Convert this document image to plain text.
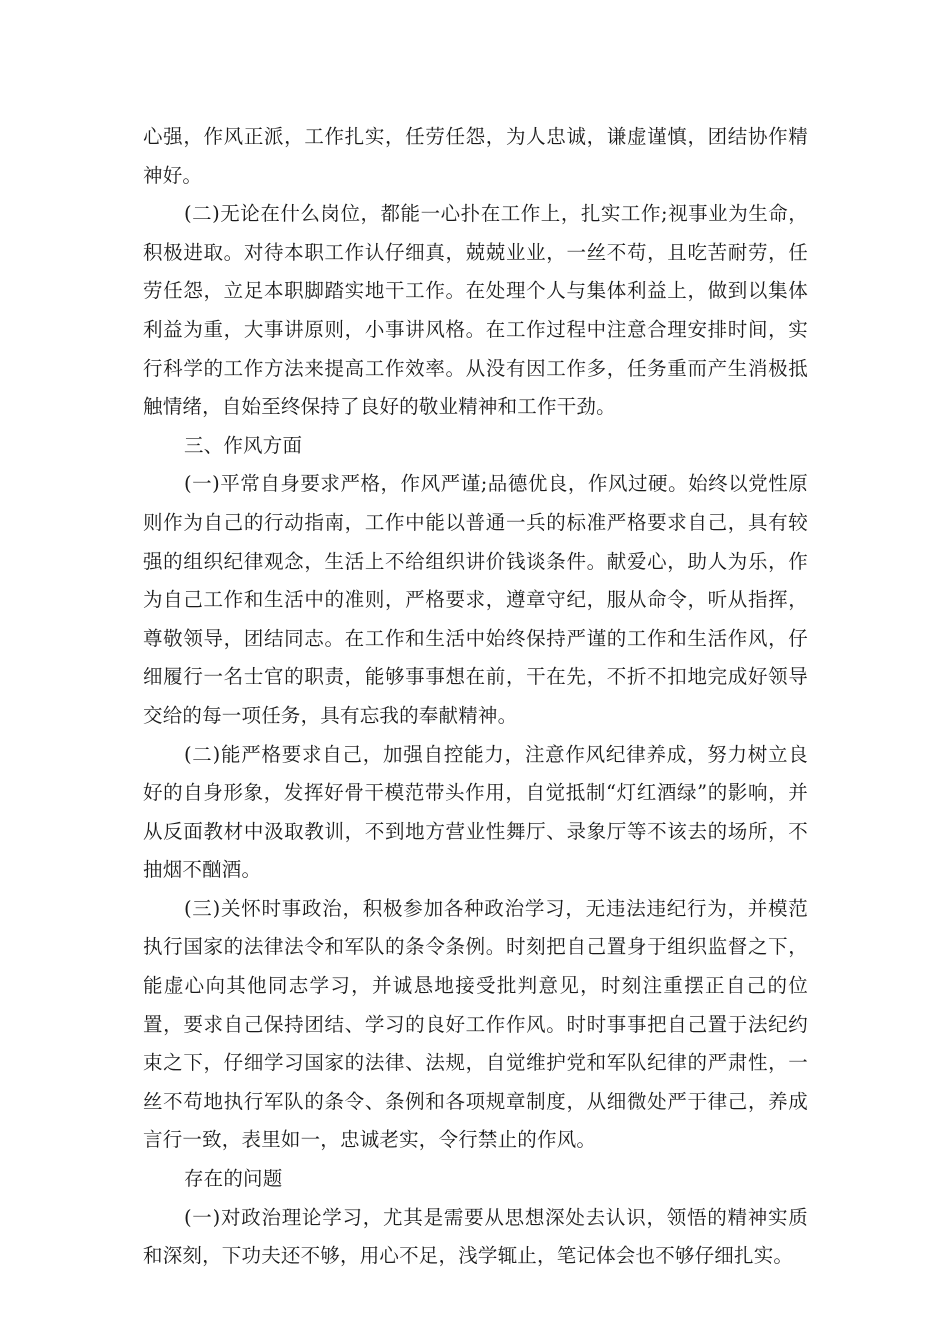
心强，作风正派，工作扎实，任劳任怨，为人忠诚，谦虚谨慎，团结协作精神好。

(二)无论在什么岗位，都能一心扑在工作上，扎实工作;视事业为生命，积极进取。对待本职工作认仔细真，兢兢业业，一丝不苟，且吃苦耐劳，任劳任怨，立足本职脚踏实地干工作。在处理个人与集体利益上，做到以集体利益为重，大事讲原则，小事讲风格。在工作过程中注意合理安排时间，实行科学的工作方法来提高工作效率。从没有因工作多，任务重而产生消极抵触情绪，自始至终保持了良好的敬业精神和工作干劲。

三、作风方面

(一)平常自身要求严格，作风严谨;品德优良，作风过硬。始终以党性原则作为自己的行动指南，工作中能以普通一兵的标准严格要求自己，具有较强的组织纪律观念，生活上不给组织讲价钱谈条件。献爱心，助人为乐，作为自己工作和生活中的准则，严格要求，遵章守纪，服从命令，听从指挥，尊敬领导，团结同志。在工作和生活中始终保持严谨的工作和生活作风，仔细履行一名士官的职责，能够事事想在前，干在先，不折不扣地完成好领导交给的每一项任务，具有忘我的奉献精神。

(二)能严格要求自己，加强自控能力，注意作风纪律养成，努力树立良好的自身形象，发挥好骨干模范带头作用，自觉抵制“灯红酒绿”的影响，并从反面教材中汲取教训，不到地方营业性舞厅、录象厅等不该去的场所，不抽烟不酗酒。

(三)关怀时事政治，积极参加各种政治学习，无违法违纪行为，并模范执行国家的法律法令和军队的条令条例。时刻把自己置身于组织监督之下，能虚心向其他同志学习，并诚恳地接受批判意见，时刻注重摆正自己的位置，要求自己保持团结、学习的良好工作作风。时时事事把自己置于法纪约束之下，仔细学习国家的法律、法规，自觉维护党和军队纪律的严肃性，一丝不苟地执行军队的条令、条例和各项规章制度，从细微处严于律己，养成言行一致，表里如一，忠诚老实，令行禁止的作风。

存在的问题

(一)对政治理论学习，尤其是需要从思想深处去认识，领悟的精神实质和深刻，下功夫还不够，用心不足，浅学辄止，笔记体会也不够仔细扎实。
